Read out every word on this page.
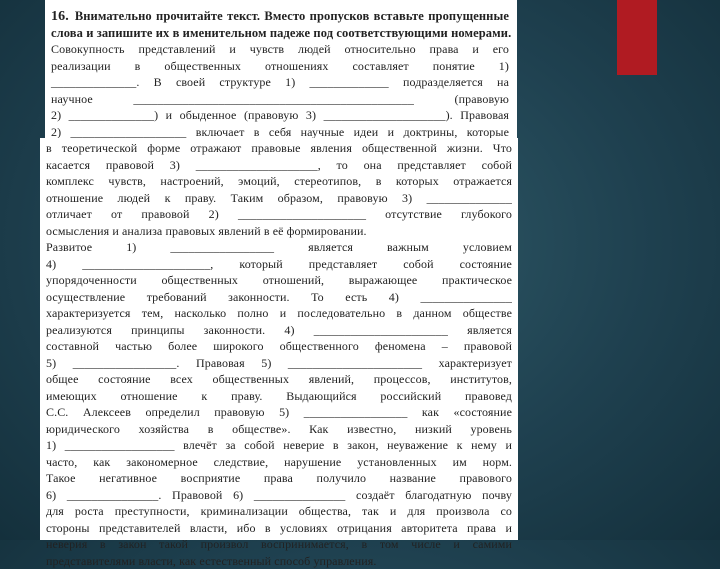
16. Внимательно прочитайте текст. Вместо пропусков вставьте пропущенные
слова и запишите их в именительном падеже под соответствующими номерами.
Совокупность представлений и чувств людей относительно права и его
реализации в общественных отношениях составляет понятие 1)
______________. В своей структуре 1) _____________ подразделяется на
научное ______________________________________________ (правовую
2) ______________) и обыденное (правовую 3) ____________________). Правовая
2) ___________________ включает в себя научные идеи и доктрины, которые
в теоретической форме отражают правовые явления общественной жизни. Что
касается правовой 3) ____________________, то она представляет собой
комплекс чувств, настроений, эмоций, стереотипов, в которых отражается
отношение людей к праву. Таким образом, правовую 3) ______________
отличает от правовой 2) _____________________ отсутствие глубокого
осмысления и анализа правовых явлений в её формировании.
Развитое 1) _________________ является важным условием
4) _____________________, который представляет собой состояние
упорядоченности общественных отношений, выражающее практическое
осуществление требований законности. То есть 4) _______________
характеризуется тем, насколько полно и последовательно в данном обществе
реализуются принципы законности. 4) ______________________ является
составной частью более широкого общественного феномена – правовой
5) _________________. Правовая 5) ______________________ характеризует
общее состояние всех общественных явлений, процессов, институтов,
имеющих отношение к праву. Выдающийся российский правовед
С.С. Алексеев определил правовую 5) _________________ как «состояние
юридического хозяйства в обществе». Как известно, низкий уровень
1) __________________ влечёт за собой неверие в закон, неуважение к нему и
часто, как закономерное следствие, нарушение установленных им норм.
Такое негативное восприятие права получило название правового
6) _______________. Правовой 6) _______________ создаёт благодатную почву
для роста преступности, криминализации общества, так и для произвола со
стороны представителей власти, ибо в условиях отрицания авторитета права и
неверия в закон такой произвол воспринимается, в том числе и самими
представителями власти, как естественный способ управления.
